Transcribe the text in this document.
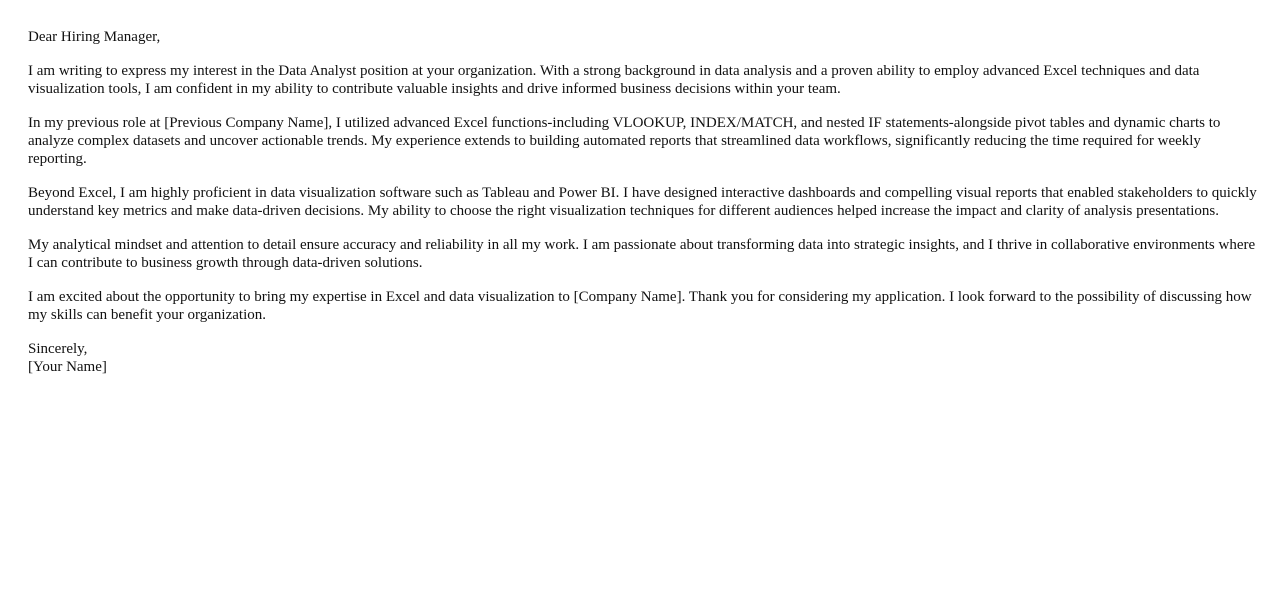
Dear Hiring Manager,

I am writing to express my interest in the Data Analyst position at your organization. With a strong background in data analysis and a proven ability to employ advanced Excel techniques and data visualization tools, I am confident in my ability to contribute valuable insights and drive informed business decisions within your team.

In my previous role at [Previous Company Name], I utilized advanced Excel functions-including VLOOKUP, INDEX/MATCH, and nested IF statements-alongside pivot tables and dynamic charts to analyze complex datasets and uncover actionable trends. My experience extends to building automated reports that streamlined data workflows, significantly reducing the time required for weekly reporting.

Beyond Excel, I am highly proficient in data visualization software such as Tableau and Power BI. I have designed interactive dashboards and compelling visual reports that enabled stakeholders to quickly understand key metrics and make data-driven decisions. My ability to choose the right visualization techniques for different audiences helped increase the impact and clarity of analysis presentations.

My analytical mindset and attention to detail ensure accuracy and reliability in all my work. I am passionate about transforming data into strategic insights, and I thrive in collaborative environments where I can contribute to business growth through data-driven solutions.

I am excited about the opportunity to bring my expertise in Excel and data visualization to [Company Name]. Thank you for considering my application. I look forward to the possibility of discussing how my skills can benefit your organization.

Sincerely,
[Your Name]
